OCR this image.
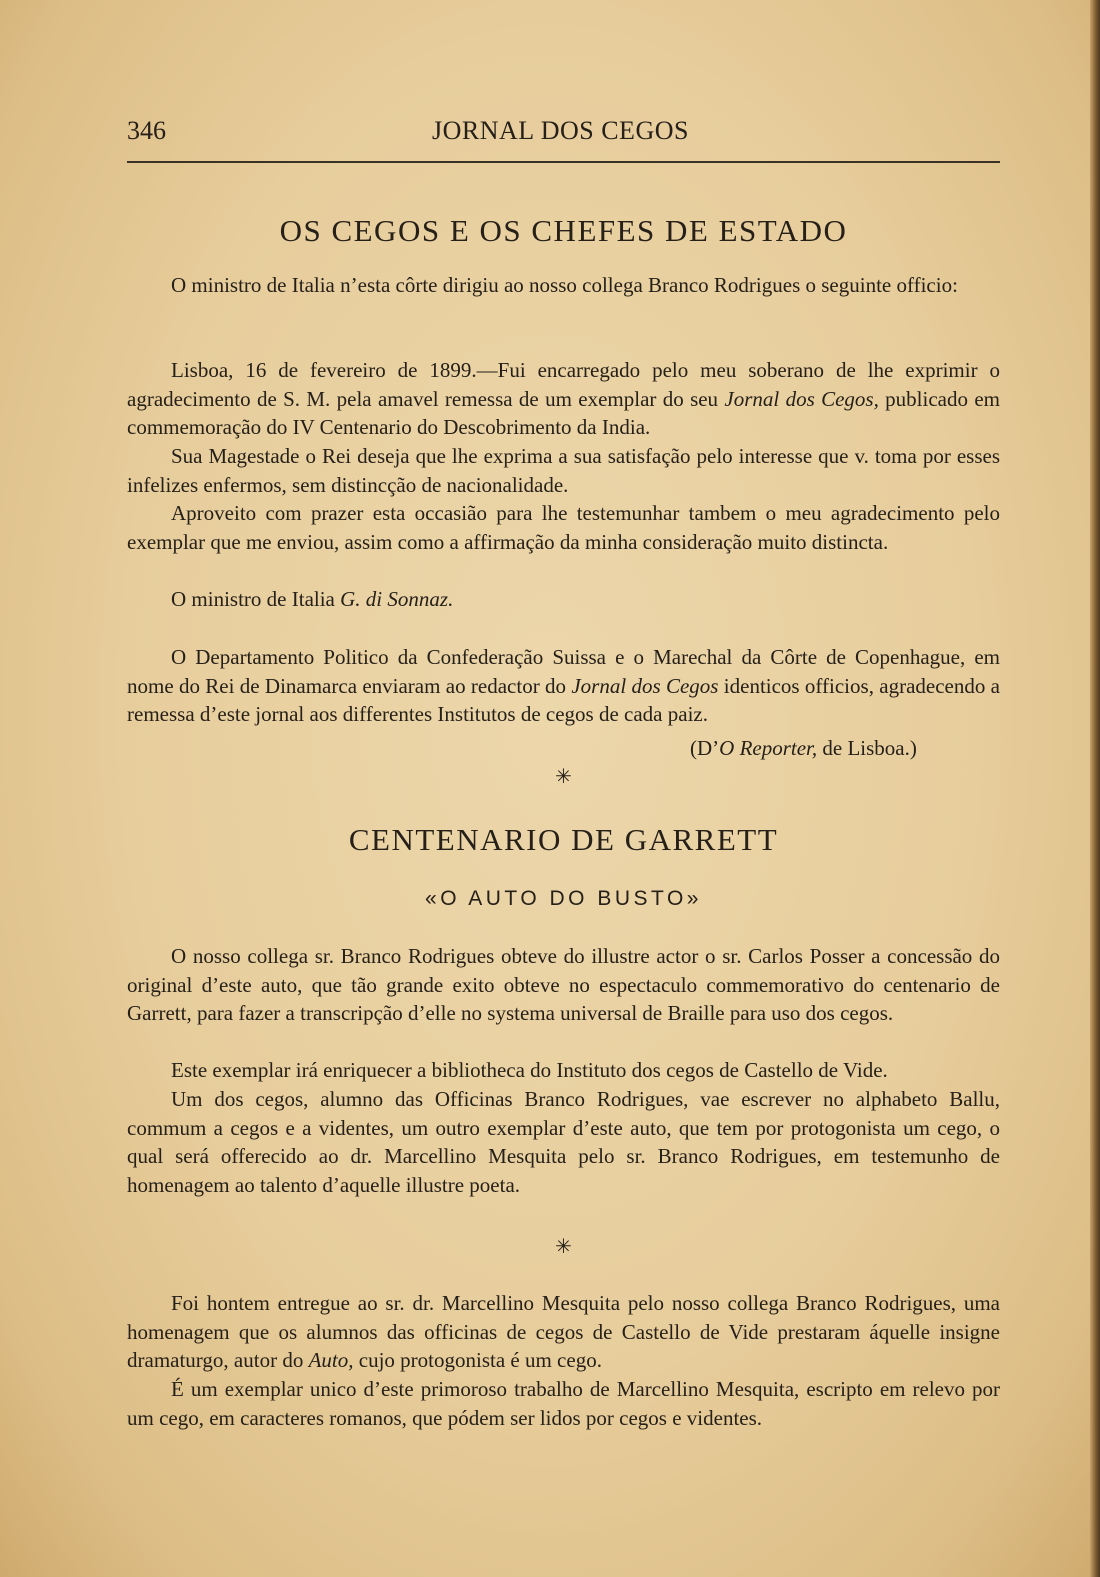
346	JORNAL DOS CEGOS
OS CEGOS E OS CHEFES DE ESTADO

O ministro de Italia n’esta côrte dirigiu ao nosso collega Branco Rodrigues o seguinte officio:

Lisboa, 16 de fevereiro de 1899.—Fui encarregado pelo meu soberano de lhe exprimir o agradecimento de S. M. pela amavel remessa de um exemplar do seu Jornal dos Cegos, publicado em commemoração do IV Centenario do Descobrimento da India.

Sua Magestade o Rei deseja que lhe exprima a sua satisfação pelo interesse que v. toma por esses infelizes enfermos, sem distincção de nacionalidade.

Aproveito com prazer esta occasião para lhe testemunhar tambem o meu agradecimento pelo exemplar que me enviou, assim como a affirmação da minha consideração muito distincta.

O ministro de Italia G. di Sonnaz.

O Departamento Politico da Confederação Suissa e o Marechal da Côrte de Copenhague, em nome do Rei de Dinamarca enviaram ao redactor do Jornal dos Cegos identicos officios, agradecendo a remessa d’este jornal aos differentes Institutos de cegos de cada paiz.

(D’O Reporter, de Lisboa.)
✳
CENTENARIO DE GARRETT
«O AUTO DO BUSTO»

O nosso collega sr. Branco Rodrigues obteve do illustre actor o sr. Carlos Posser a concessão do original d’este auto, que tão grande exito obteve no espectaculo commemorativo do centenario de Garrett, para fazer a transcripção d’elle no systema universal de Braille para uso dos cegos.

Este exemplar irá enriquecer a bibliotheca do Instituto dos cegos de Castello de Vide.

Um dos cegos, alumno das Officinas Branco Rodrigues, vae escrever no alphabeto Ballu, commum a cegos e a videntes, um outro exemplar d’este auto, que tem por protogonista um cego, o qual será offerecido ao dr. Marcellino Mesquita pelo sr. Branco Rodrigues, em testemunho de homenagem ao talento d’aquelle illustre poeta.

✳

Foi hontem entregue ao sr. dr. Marcellino Mesquita pelo nosso collega Branco Rodrigues, uma homenagem que os alumnos das officinas de cegos de Castello de Vide prestaram áquelle insigne dramaturgo, autor do Auto, cujo protogonista é um cego.

É um exemplar unico d’este primoroso trabalho de Marcellino Mesquita, escripto em relevo por um cego, em caracteres romanos, que pódem ser lidos por cegos e videntes.
